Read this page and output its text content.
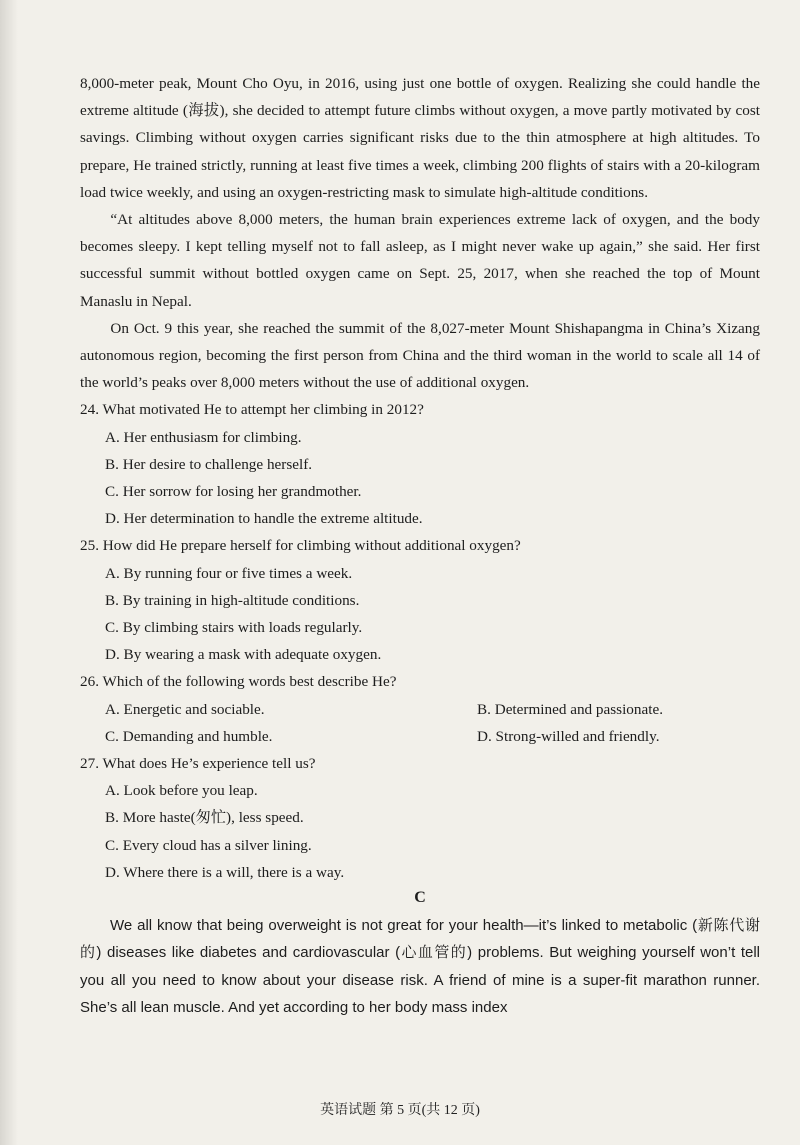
8,000-meter peak, Mount Cho Oyu, in 2016, using just one bottle of oxygen. Realizing she could handle the extreme altitude (海拔), she decided to attempt future climbs without oxygen, a move partly motivated by cost savings. Climbing without oxygen carries significant risks due to the thin atmosphere at high altitudes. To prepare, He trained strictly, running at least five times a week, climbing 200 flights of stairs with a 20-kilogram load twice weekly, and using an oxygen-restricting mask to simulate high-altitude conditions.

“At altitudes above 8,000 meters, the human brain experiences extreme lack of oxygen, and the body becomes sleepy. I kept telling myself not to fall asleep, as I might never wake up again,” she said. Her first successful summit without bottled oxygen came on Sept. 25, 2017, when she reached the top of Mount Manaslu in Nepal.

On Oct. 9 this year, she reached the summit of the 8,027-meter Mount Shishapangma in China’s Xizang autonomous region, becoming the first person from China and the third woman in the world to scale all 14 of the world’s peaks over 8,000 meters without the use of additional oxygen.

24. What motivated He to attempt her climbing in 2012?

A. Her enthusiasm for climbing.
B. Her desire to challenge herself.
C. Her sorrow for losing her grandmother.
D. Her determination to handle the extreme altitude.

25. How did He prepare herself for climbing without additional oxygen?

A. By running four or five times a week.
B. By training in high-altitude conditions.
C. By climbing stairs with loads regularly.
D. By wearing a mask with adequate oxygen.

26. Which of the following words best describe He?

A. Energetic and sociable.	B. Determined and passionate.
C. Demanding and humble.	D. Strong-willed and friendly.

27. What does He’s experience tell us?

A. Look before you leap.
B. More haste(匆忙), less speed.
C. Every cloud has a silver lining.
D. Where there is a will, there is a way.

C

We all know that being overweight is not great for your health—it’s linked to metabolic (新陈代谢的) diseases like diabetes and cardiovascular (心血管的) problems. But weighing yourself won’t tell you all you need to know about your disease risk. A friend of mine is a super-fit marathon runner. She’s all lean muscle. And yet according to her body mass index

英语试题 第 5 页(共 12 页)
